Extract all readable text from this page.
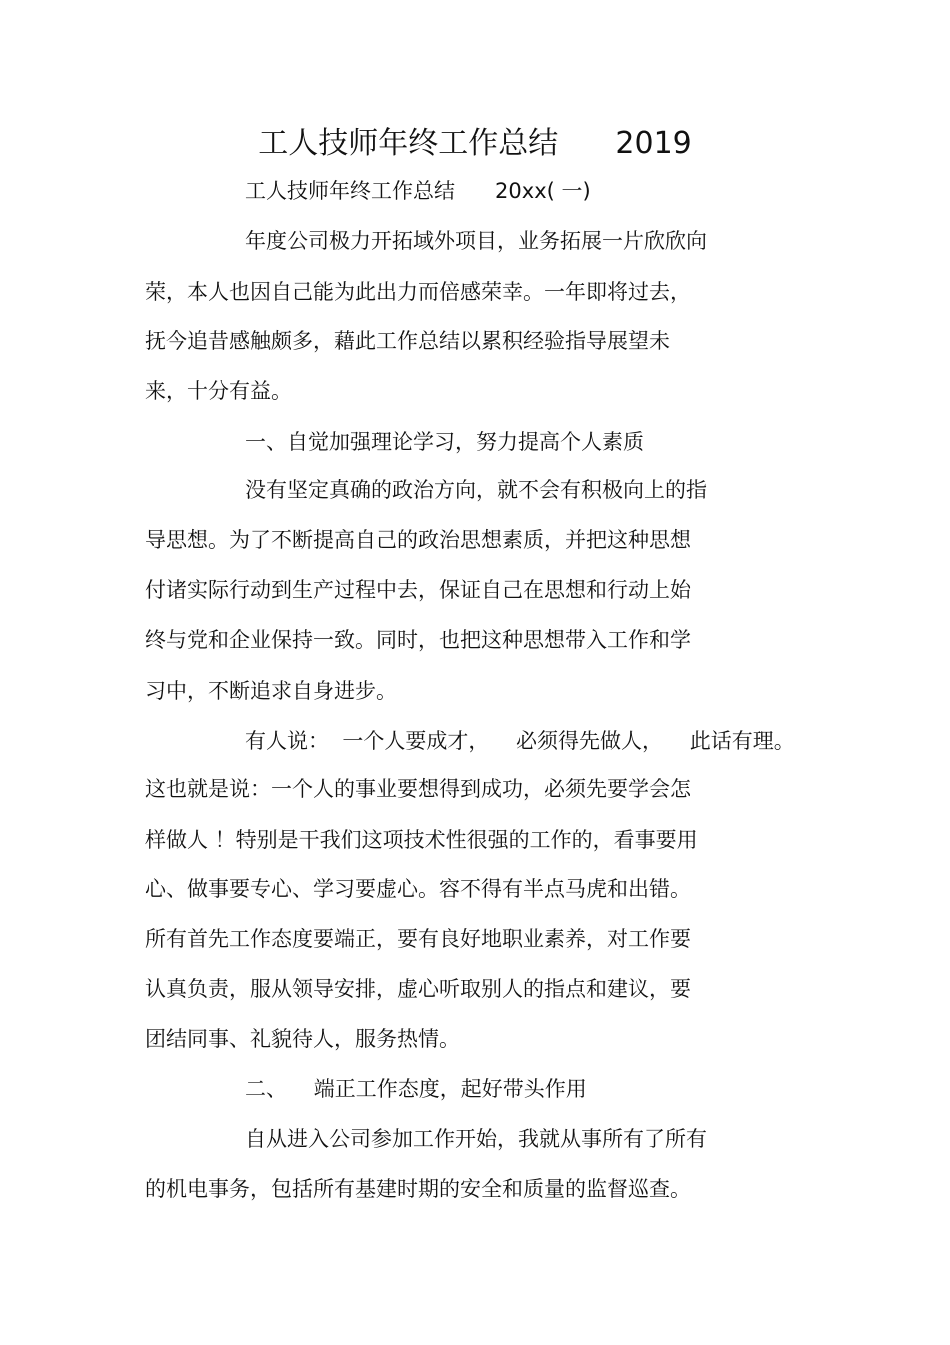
工人技师年终工作总结      2019
工人技师年终工作总结      20xx( 一)
年度公司极力开拓域外项目，业务拓展一片欣欣向
荣，本人也因自己能为此出力而倍感荣幸。一年即将过去，
抚今追昔感触颇多，藉此工作总结以累积经验指导展望未
来，十分有益。
一、自觉加强理论学习，努力提高个人素质
没有坚定真确的政治方向，就不会有积极向上的指
导思想。为了不断提高自己的政治思想素质，并把这种思想
付诸实际行动到生产过程中去，保证自己在思想和行动上始
终与党和企业保持一致。同时，也把这种思想带入工作和学
习中，不断追求自身进步。
有人说：  一个人要成才，    必须得先做人，    此话有理。
这也就是说：一个人的事业要想得到成功，必须先要学会怎
样做人 ！特别是干我们这项技术性很强的工作的，看事要用
心、做事要专心、学习要虚心。容不得有半点马虎和出错。
所有首先工作态度要端正，要有良好地职业素养，对工作要
认真负责，服从领导安排，虚心听取别人的指点和建议，要
团结同事、礼貌待人，服务热情。
二、    端正工作态度，起好带头作用
自从进入公司参加工作开始，我就从事所有了所有
的机电事务，包括所有基建时期的安全和质量的监督巡查。
